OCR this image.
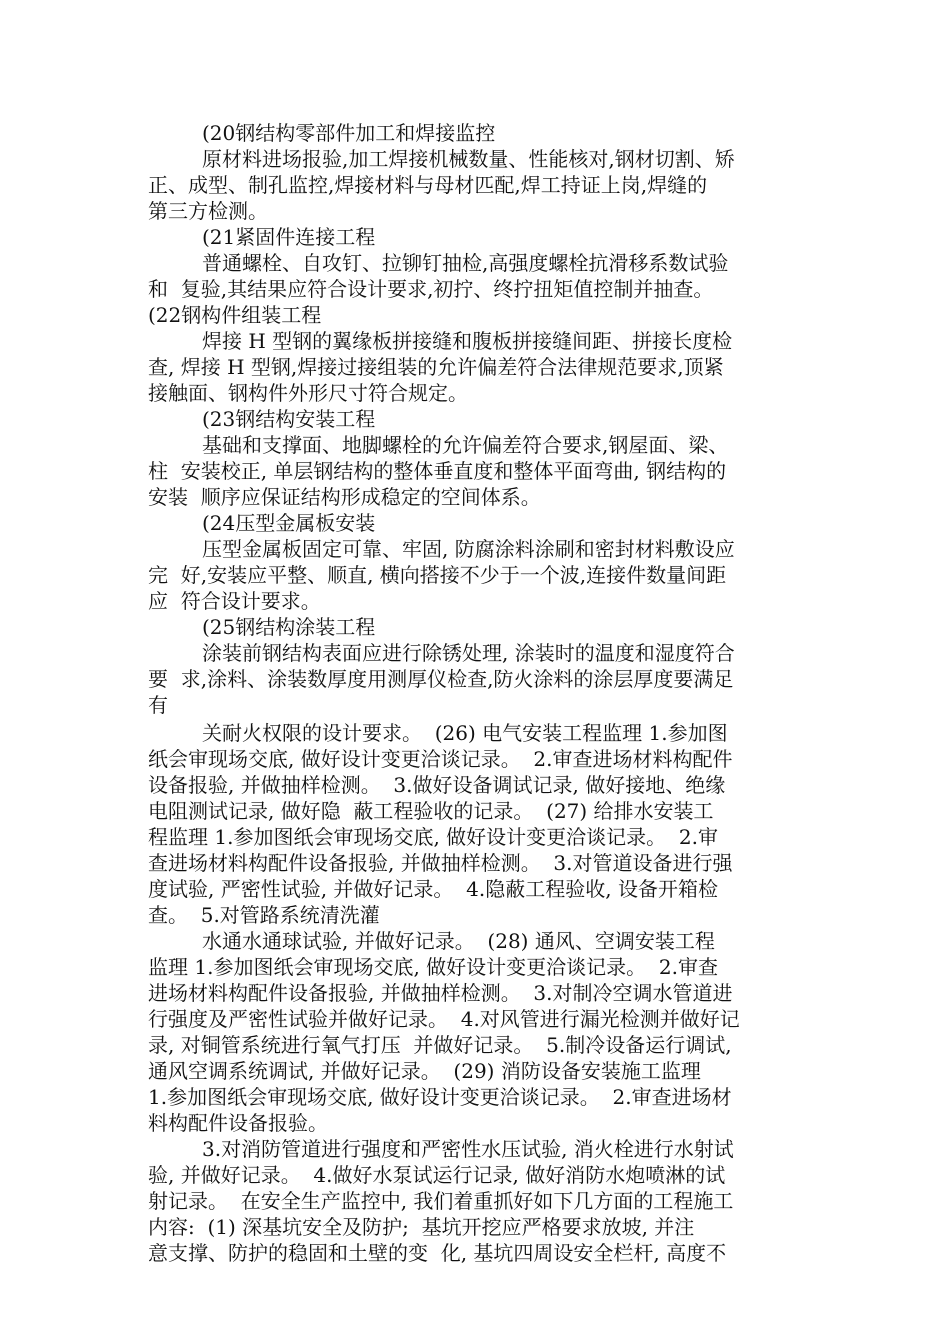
(20钢结构零部件加工和焊接监控
原材料进场报验,加工焊接机械数量、性能核对,钢材切割、矫
正、成型、制孔监控,焊接材料与母材匹配,焊工持证上岗,焊缝的
第三方检测。
(21紧固件连接工程
普通螺栓、自攻钉、拉铆钉抽检,高强度螺栓抗滑移系数试验
和  复验,其结果应符合设计要求,初拧、终拧扭矩值控制并抽查。
(22钢构件组装工程
焊接 H 型钢的翼缘板拼接缝和腹板拼接缝间距、拼接长度检
查, 焊接 H 型钢,焊接过接组装的允许偏差符合法律规范要求,顶紧
接触面、钢构件外形尺寸符合规定。
(23钢结构安装工程
基础和支撑面、地脚螺栓的允许偏差符合要求,钢屋面、梁、
柱  安装校正, 单层钢结构的整体垂直度和整体平面弯曲, 钢结构的
安装  顺序应保证结构形成稳定的空间体系。
(24压型金属板安装
压型金属板固定可靠、牢固, 防腐涂料涂刷和密封材料敷设应
完  好,安装应平整、顺直, 横向搭接不少于一个波,连接件数量间距
应  符合设计要求。
(25钢结构涂装工程
涂装前钢结构表面应进行除锈处理, 涂装时的温度和湿度符合
要  求,涂料、涂装数厚度用测厚仪检查,防火涂料的涂层厚度要满足
有
关耐火权限的设计要求。  (26) 电气安装工程监理 1.参加图
纸会审现场交底, 做好设计变更洽谈记录。  2.审查进场材料构配件
设备报验, 并做抽样检测。  3.做好设备调试记录, 做好接地、绝缘
电阻测试记录, 做好隐  蔽工程验收的记录。  (27) 给排水安装工
程监理 1.参加图纸会审现场交底, 做好设计变更洽谈记录。  2.审
查进场材料构配件设备报验, 并做抽样检测。  3.对管道设备进行强
度试验, 严密性试验, 并做好记录。  4.隐蔽工程验收, 设备开箱检
查。  5.对管路系统清洗灌
水通水通球试验, 并做好记录。  (28) 通风、空调安装工程
监理 1.参加图纸会审现场交底, 做好设计变更洽谈记录。  2.审查
进场材料构配件设备报验, 并做抽样检测。  3.对制冷空调水管道进
行强度及严密性试验并做好记录。  4.对风管进行漏光检测并做好记
录, 对铜管系统进行氧气打压  并做好记录。  5.制冷设备运行调试,
通风空调系统调试, 并做好记录。  (29) 消防设备安装施工监理
1.参加图纸会审现场交底, 做好设计变更洽谈记录。  2.审查进场材
料构配件设备报验。
3.对消防管道进行强度和严密性水压试验, 消火栓进行水射试
验, 并做好记录。  4.做好水泵试运行记录, 做好消防水炮喷淋的试
射记录。  在安全生产监控中, 我们着重抓好如下几方面的工程施工
内容:  (1) 深基坑安全及防护;  基坑开挖应严格要求放坡, 并注
意支撑、防护的稳固和土壁的变  化, 基坑四周设安全栏杆, 高度不
